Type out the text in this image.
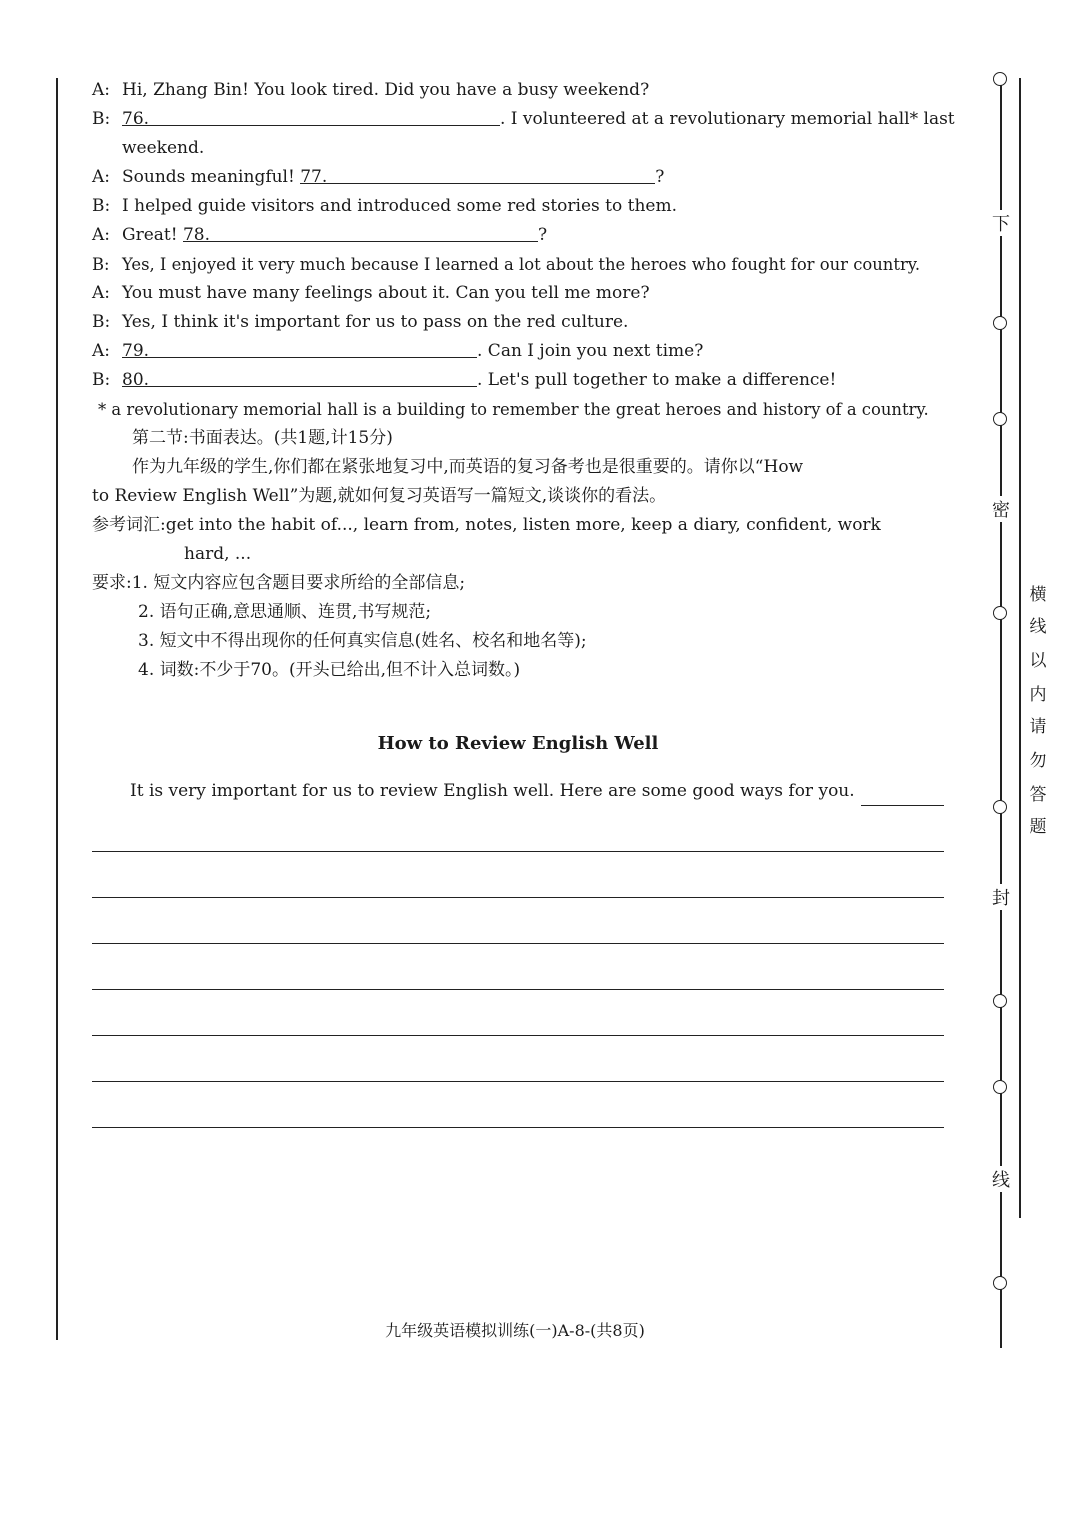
A: Hi, Zhang Bin! You look tired. Did you have a busy weekend?
B: 76.	. I volunteered at a revolutionary memorial hall* last
weekend.
A: Sounds meaningful! 77.	?
B: I helped guide visitors and introduced some red stories to them.
A: Great! 78.	?
B: Yes, I enjoyed it very much because I learned a lot about the heroes who fought for our country.
A: You must have many feelings about it. Can you tell me more?
B: Yes, I think it's important for us to pass on the red culture.
A: 79.	. Can I join you next time?
B: 80.	. Let's pull together to make a difference!
* a revolutionary memorial hall is a building to remember the great heroes and history of a country.
第二节:书面表达。(共1题,计15分)
作为九年级的学生,你们都在紧张地复习中,而英语的复习备考也是很重要的。请你以“How
to Review English Well”为题,就如何复习英语写一篇短文,谈谈你的看法。
参考词汇:get into the habit of..., learn from, notes, listen more, keep a diary, confident, work
hard, ...
要求:1. 短文内容应包含题目要求所给的全部信息;
2. 语句正确,意思通顺、连贯,书写规范;
3. 短文中不得出现你的任何真实信息(姓名、校名和地名等);
4. 词数:不少于70。(开头已给出,但不计入总词数。)
How to Review English Well
It is very important for us to review English well. Here are some good ways for you.
九年级英语模拟训练(一)A-8-(共8页)
下
密
封
线
横
线
以
内
请
勿
答
题
